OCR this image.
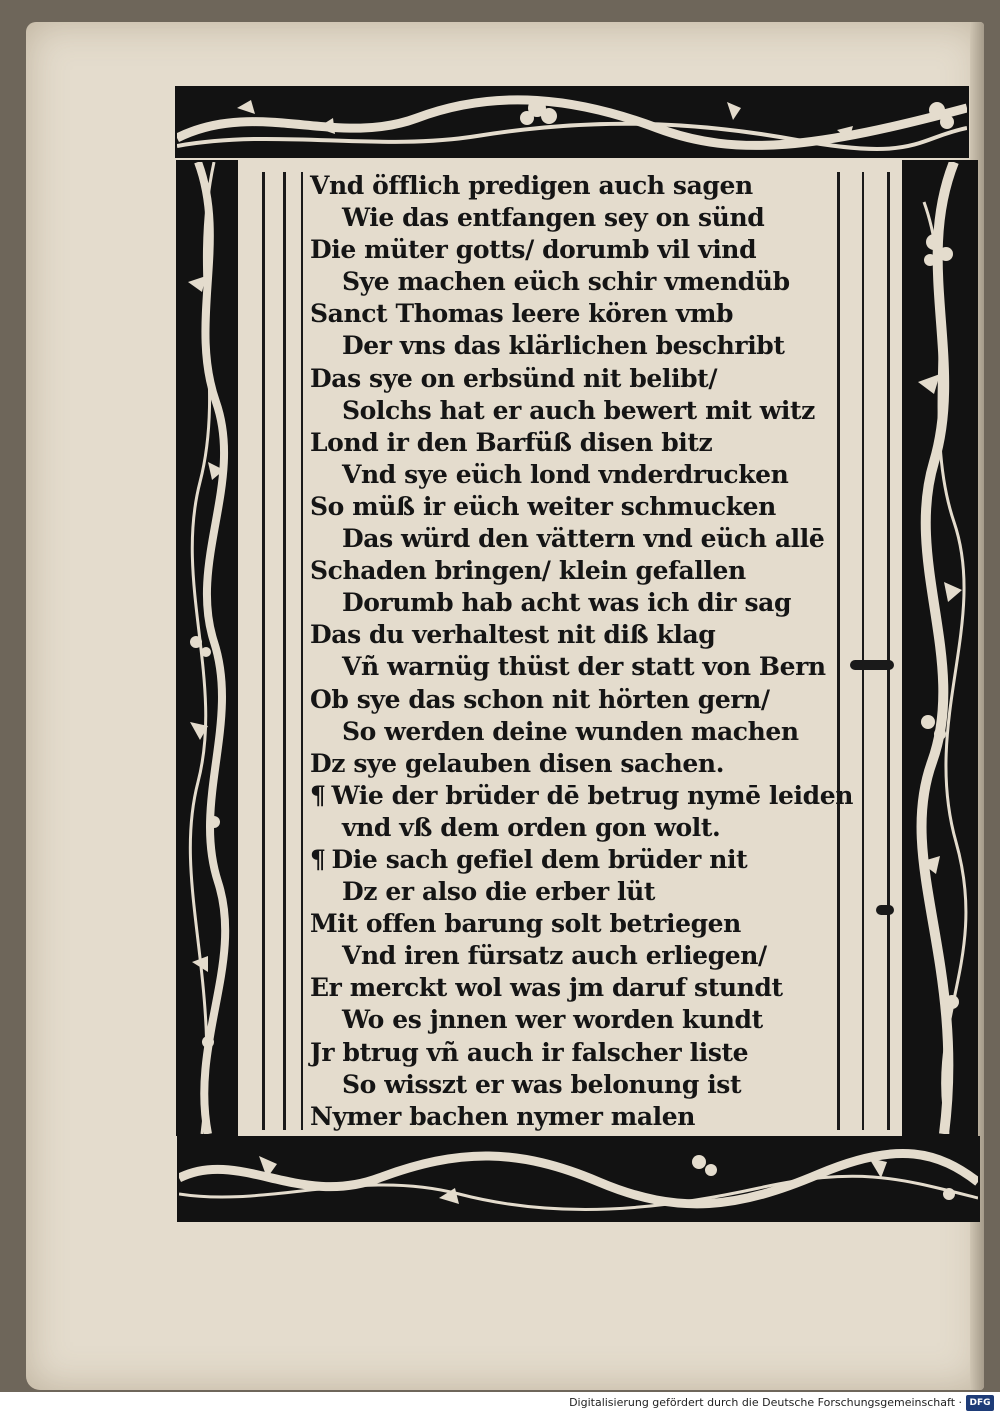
Vnd öfflich predigen auch sagen
Wie das entfangen sey on sünd
Die müter gotts/ dorumb vil vind
Sye machen eüch schir vmendüb
Sanct Thomas leere kören vmb
Der vns das klärlichen beschribt
Das sye on erbsünd nit belibt/
Solchs hat er auch bewert mit witz
Lond ir den Barfüß disen bitz
Vnd sye eüch lond vnderdrucken
So müß ir eüch weiter schmucken
Das würd den vättern vnd eüch allē
Schaden bringen/ klein gefallen
Dorumb hab acht was ich dir sag
Das du verhaltest nit diß klag
Vñ warnüg thüst der statt von Bern
Ob sye das schon nit hörten gern/
So werden deine wunden machen
Dz sye gelauben disen sachen.
¶ Wie der brüder dē betrug nymē leiden
vnd vß dem orden gon wolt.
¶ Die sach gefiel dem brüder nit
Dz er also die erber lüt
Mit offen barung solt betriegen
Vnd iren fürsatz auch erliegen/
Er merckt wol was jm daruf stundt
Wo es jnnen wer worden kundt
Jr btrug vñ auch ir falscher liste
So wisszt er was belonung ist
Nymer bachen nymer malen
Digitalisierung gefördert durch die Deutsche Forschungsgemeinschaft · DFG
